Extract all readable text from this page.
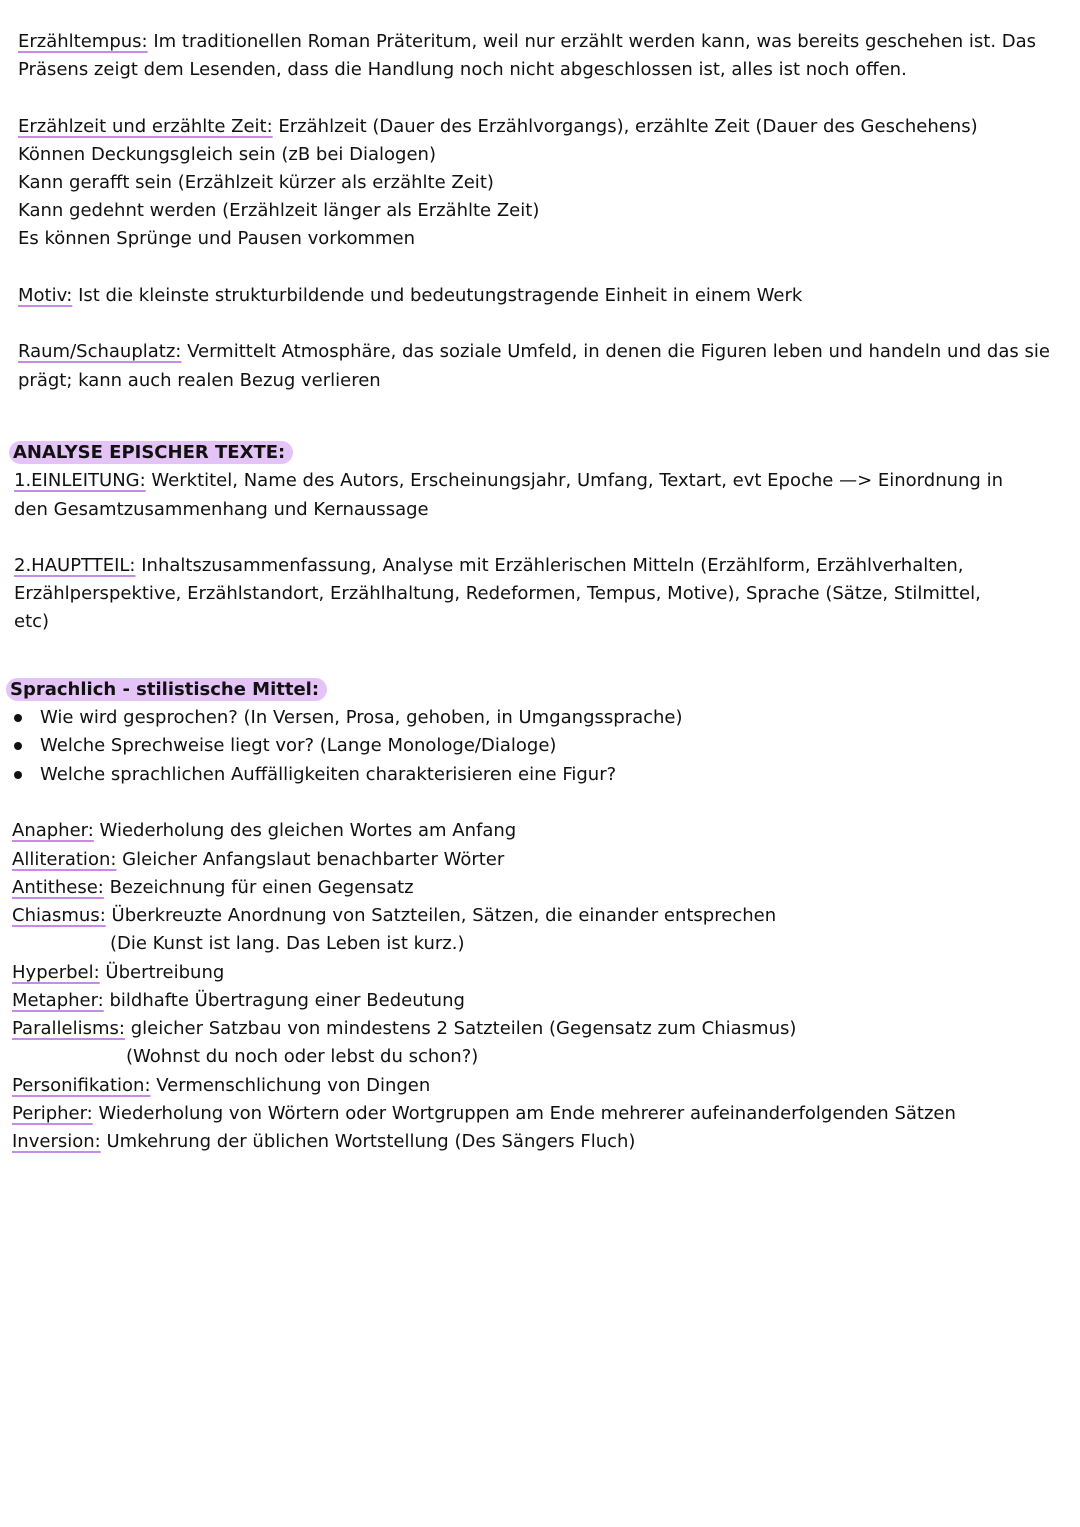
Erzähltempus: Im traditionellen Roman Präteritum, weil nur erzählt werden kann, was bereits geschehen ist. Das
Präsens zeigt dem Lesenden, dass die Handlung noch nicht abgeschlossen ist, alles ist noch offen.
Erzählzeit und erzählte Zeit: Erzählzeit (Dauer des Erzählvorgangs), erzählte Zeit (Dauer des Geschehens)
Können Deckungsgleich sein (zB bei Dialogen)
Kann gerafft sein (Erzählzeit kürzer als erzählte Zeit)
Kann gedehnt werden (Erzählzeit länger als Erzählte Zeit)
Es können Sprünge und Pausen vorkommen
Motiv: Ist die kleinste strukturbildende und bedeutungstragende Einheit in einem Werk
Raum/Schauplatz: Vermittelt Atmosphäre, das soziale Umfeld, in denen die Figuren leben und handeln und das sie
prägt; kann auch realen Bezug verlieren
ANALYSE EPISCHER TEXTE:
1.EINLEITUNG: Werktitel, Name des Autors, Erscheinungsjahr, Umfang, Textart, evt Epoche —> Einordnung in
den Gesamtzusammenhang und Kernaussage
2.HAUPTTEIL: Inhaltszusammenfassung, Analyse mit Erzählerischen Mitteln (Erzählform, Erzählverhalten,
Erzählperspektive, Erzählstandort, Erzählhaltung, Redeformen, Tempus, Motive), Sprache (Sätze, Stilmittel,
etc)
Sprachlich - stilistische Mittel:
Wie wird gesprochen? (In Versen, Prosa, gehoben, in Umgangssprache)
Welche Sprechweise liegt vor? (Lange Monologe/Dialoge)
Welche sprachlichen Auffälligkeiten charakterisieren eine Figur?
Anapher: Wiederholung des gleichen Wortes am Anfang
Alliteration: Gleicher Anfangslaut benachbarter Wörter
Antithese: Bezeichnung für einen Gegensatz
Chiasmus: Überkreuzte Anordnung von Satzteilen, Sätzen, die einander entsprechen
(Die Kunst ist lang. Das Leben ist kurz.)
Hyperbel: Übertreibung
Metapher: bildhafte Übertragung einer Bedeutung
Parallelisms: gleicher Satzbau von mindestens 2 Satzteilen (Gegensatz zum Chiasmus)
(Wohnst du noch oder lebst du schon?)
Personifikation: Vermenschlichung von Dingen
Peripher: Wiederholung von Wörtern oder Wortgruppen am Ende mehrerer aufeinanderfolgenden Sätzen
Inversion: Umkehrung der üblichen Wortstellung (Des Sängers Fluch)
